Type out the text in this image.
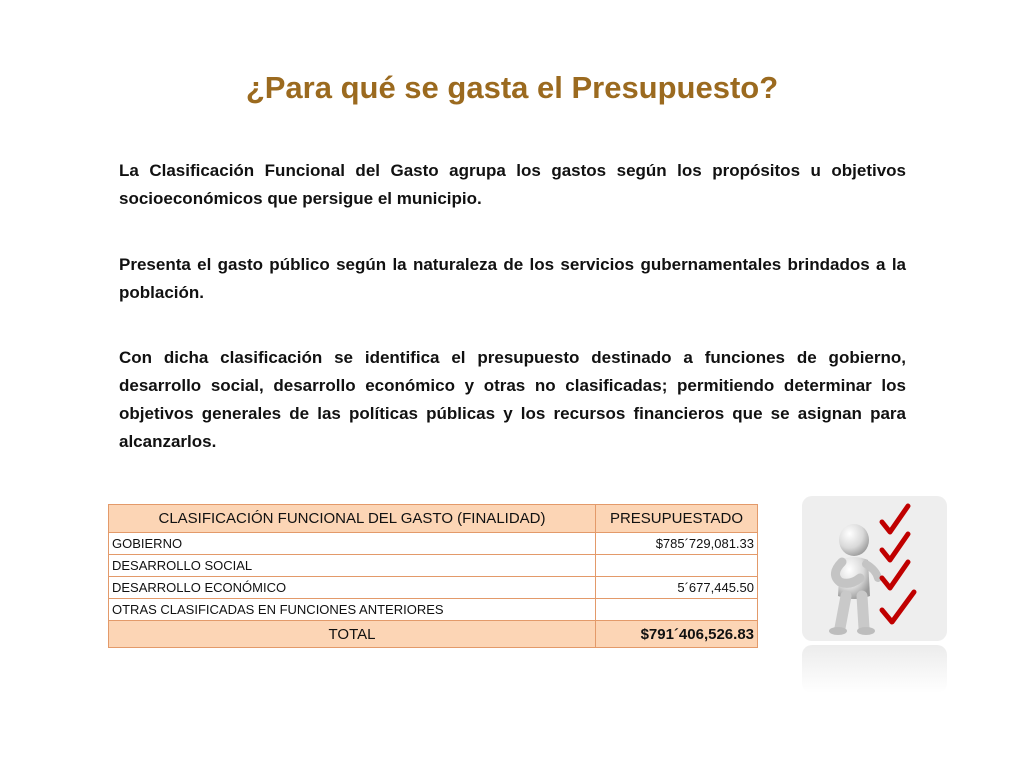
¿Para qué se gasta el Presupuesto?

La Clasificación Funcional del Gasto agrupa los gastos según los propósitos u objetivos socioeconómicos que persigue el municipio.

Presenta el gasto público según la naturaleza de los servicios gubernamentales brindados a la población.

Con dicha clasificación se identifica el presupuesto destinado a funciones de gobierno, desarrollo social, desarrollo económico y otras no clasificadas; permitiendo determinar los objetivos generales de las políticas públicas y los recursos financieros que se asignan para alcanzarlos.

CLASIFICACIÓN FUNCIONAL DEL GASTO (FINALIDAD)	PRESUPUESTADO
GOBIERNO	$785´729,081.33
DESARROLLO SOCIAL	
DESARROLLO ECONÓMICO	5´677,445.50
OTRAS CLASIFICADAS EN FUNCIONES ANTERIORES	
TOTAL	$791´406,526.83
